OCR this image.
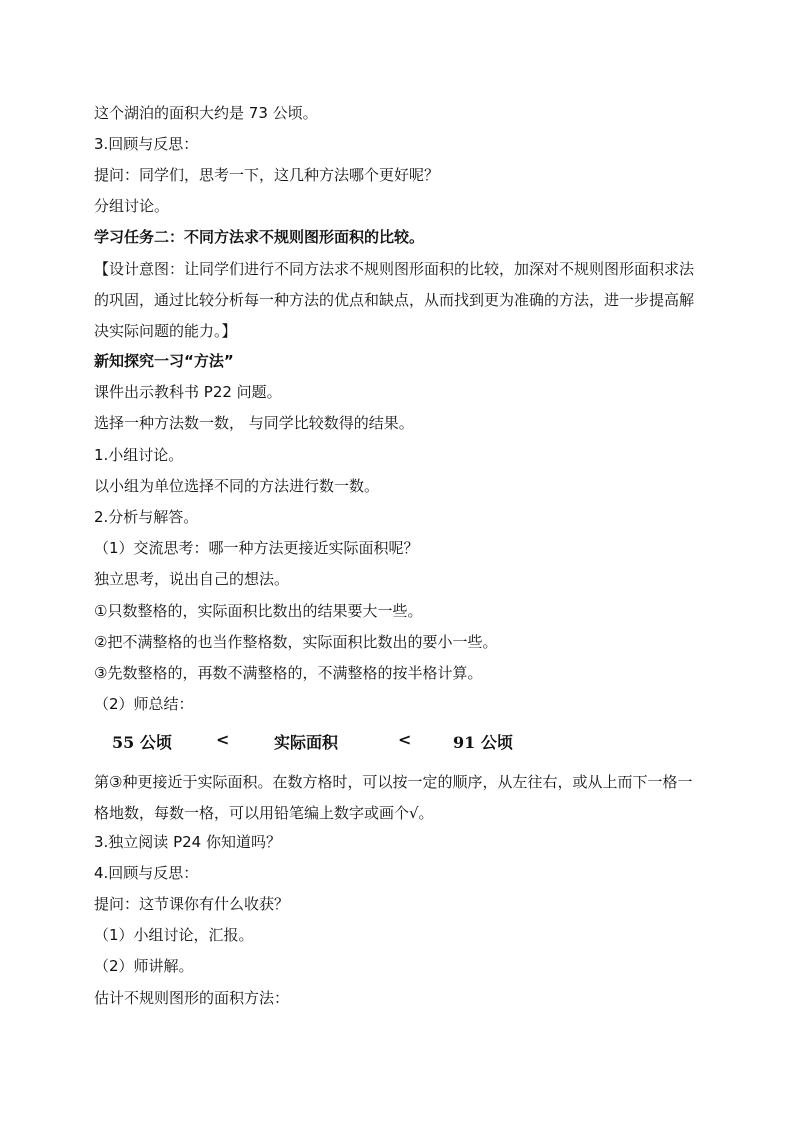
这个湖泊的面积大约是 73 公顷。
3.回顾与反思：
提问：同学们，思考一下，这几种方法哪个更好呢？
分组讨论。
学习任务二：不同方法求不规则图形面积的比较。
【设计意图：让同学们进行不同方法求不规则图形面积的比较，加深对不规则图形面积求法的巩固，通过比较分析每一种方法的优点和缺点，从而找到更为准确的方法，进一步提高解决实际问题的能力。】
新知探究一习“方法”
课件出示教科书 P22 问题。
选择一种方法数一数， 与同学比较数得的结果。
1.小组讨论。
以小组为单位选择不同的方法进行数一数。
2.分析与解答。
（1）交流思考：哪一种方法更接近实际面积呢？
独立思考，说出自己的想法。
①只数整格的，实际面积比数出的结果要大一些。
②把不满整格的也当作整格数，实际面积比数出的要小一些。
③先数整格的，再数不满整格的，不满整格的按半格计算。
（2）师总结：
55 公顷	<	实际面积	<	91 公顷
第③种更接近于实际面积。在数方格时，可以按一定的顺序，从左往右，或从上而下一格一格地数，每数一格，可以用铅笔编上数字或画个√。
3.独立阅读 P24 你知道吗？
4.回顾与反思：
提问：这节课你有什么收获？
（1）小组讨论，汇报。
（2）师讲解。
估计不规则图形的面积方法：
